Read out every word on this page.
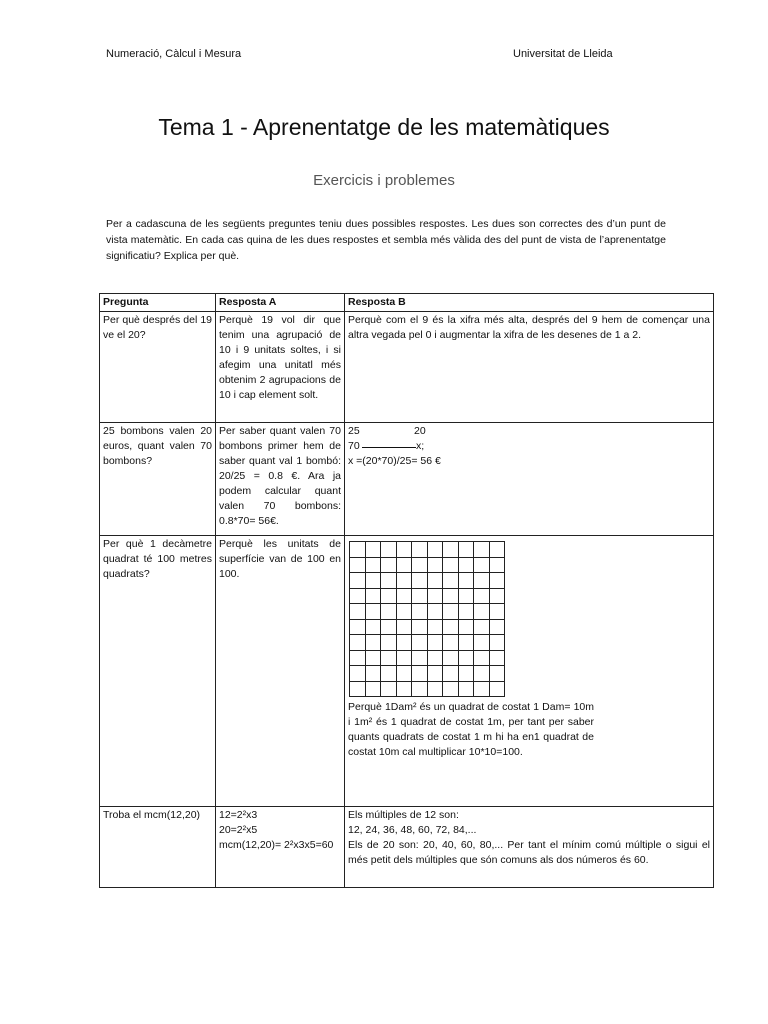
Numeració, Càlcul i Mesura	Universitat de Lleida
Tema 1 - Aprenentatge de les matemàtiques
Exercicis i problemes

Per a cadascuna de les següents preguntes teniu dues possibles respostes. Les dues son correctes des d’un punt de vista matemàtic. En cada cas quina de les dues respostes et sembla més vàlida des del punt de vista de l’aprenentatge significatiu? Explica per què.

Pregunta	Resposta A	Resposta B
Per què després del 19 ve el 20?	Perquè 19 vol dir que tenim una agrupació de 10 i 9 unitats soltes, i si afegim una unitatl més obtenim 2 agrupacions de 10 i cap element solt.	Perquè com el 9 és la xifra més alta, després del 9 hem de començar una altra vegada pel 0 i augmentar la xifra de les desenes de 1 a 2.
25 bombons valen 20 euros, quant valen 70 bombons?	Per saber quant valen 70 bombons primer hem de saber quant val 1 bombó: 20/25 = 0.8 €. Ara ja podem calcular quant valen 70 bombons: 0.8*70= 56€.	25 20
70 x;
x =(20*70)/25= 56 €

Per què 1 decàmetre quadrat té 100 metres quadrats?	Perquè les unitats de superfície van de 100 en 100.	Perquè 1Dam² és un quadrat de costat 1 Dam= 10m i 1m² és 1 quadrat de costat 1m, per tant per saber quants quadrats de costat 1 m hi ha en1 quadrat de costat 10m cal multiplicar 10*10=100.

Troba el mcm(12,20)	12=2²x3
20=2²x5
mcm(12,20)= 2²x3x5=60	Els múltiples de 12 son:
12, 24, 36, 48, 60, 72, 84,...
Els de 20 son: 20, 40, 60, 80,... Per tant el mínim comú múltiple o sigui el més petit dels múltiples que són comuns als dos números és 60.
